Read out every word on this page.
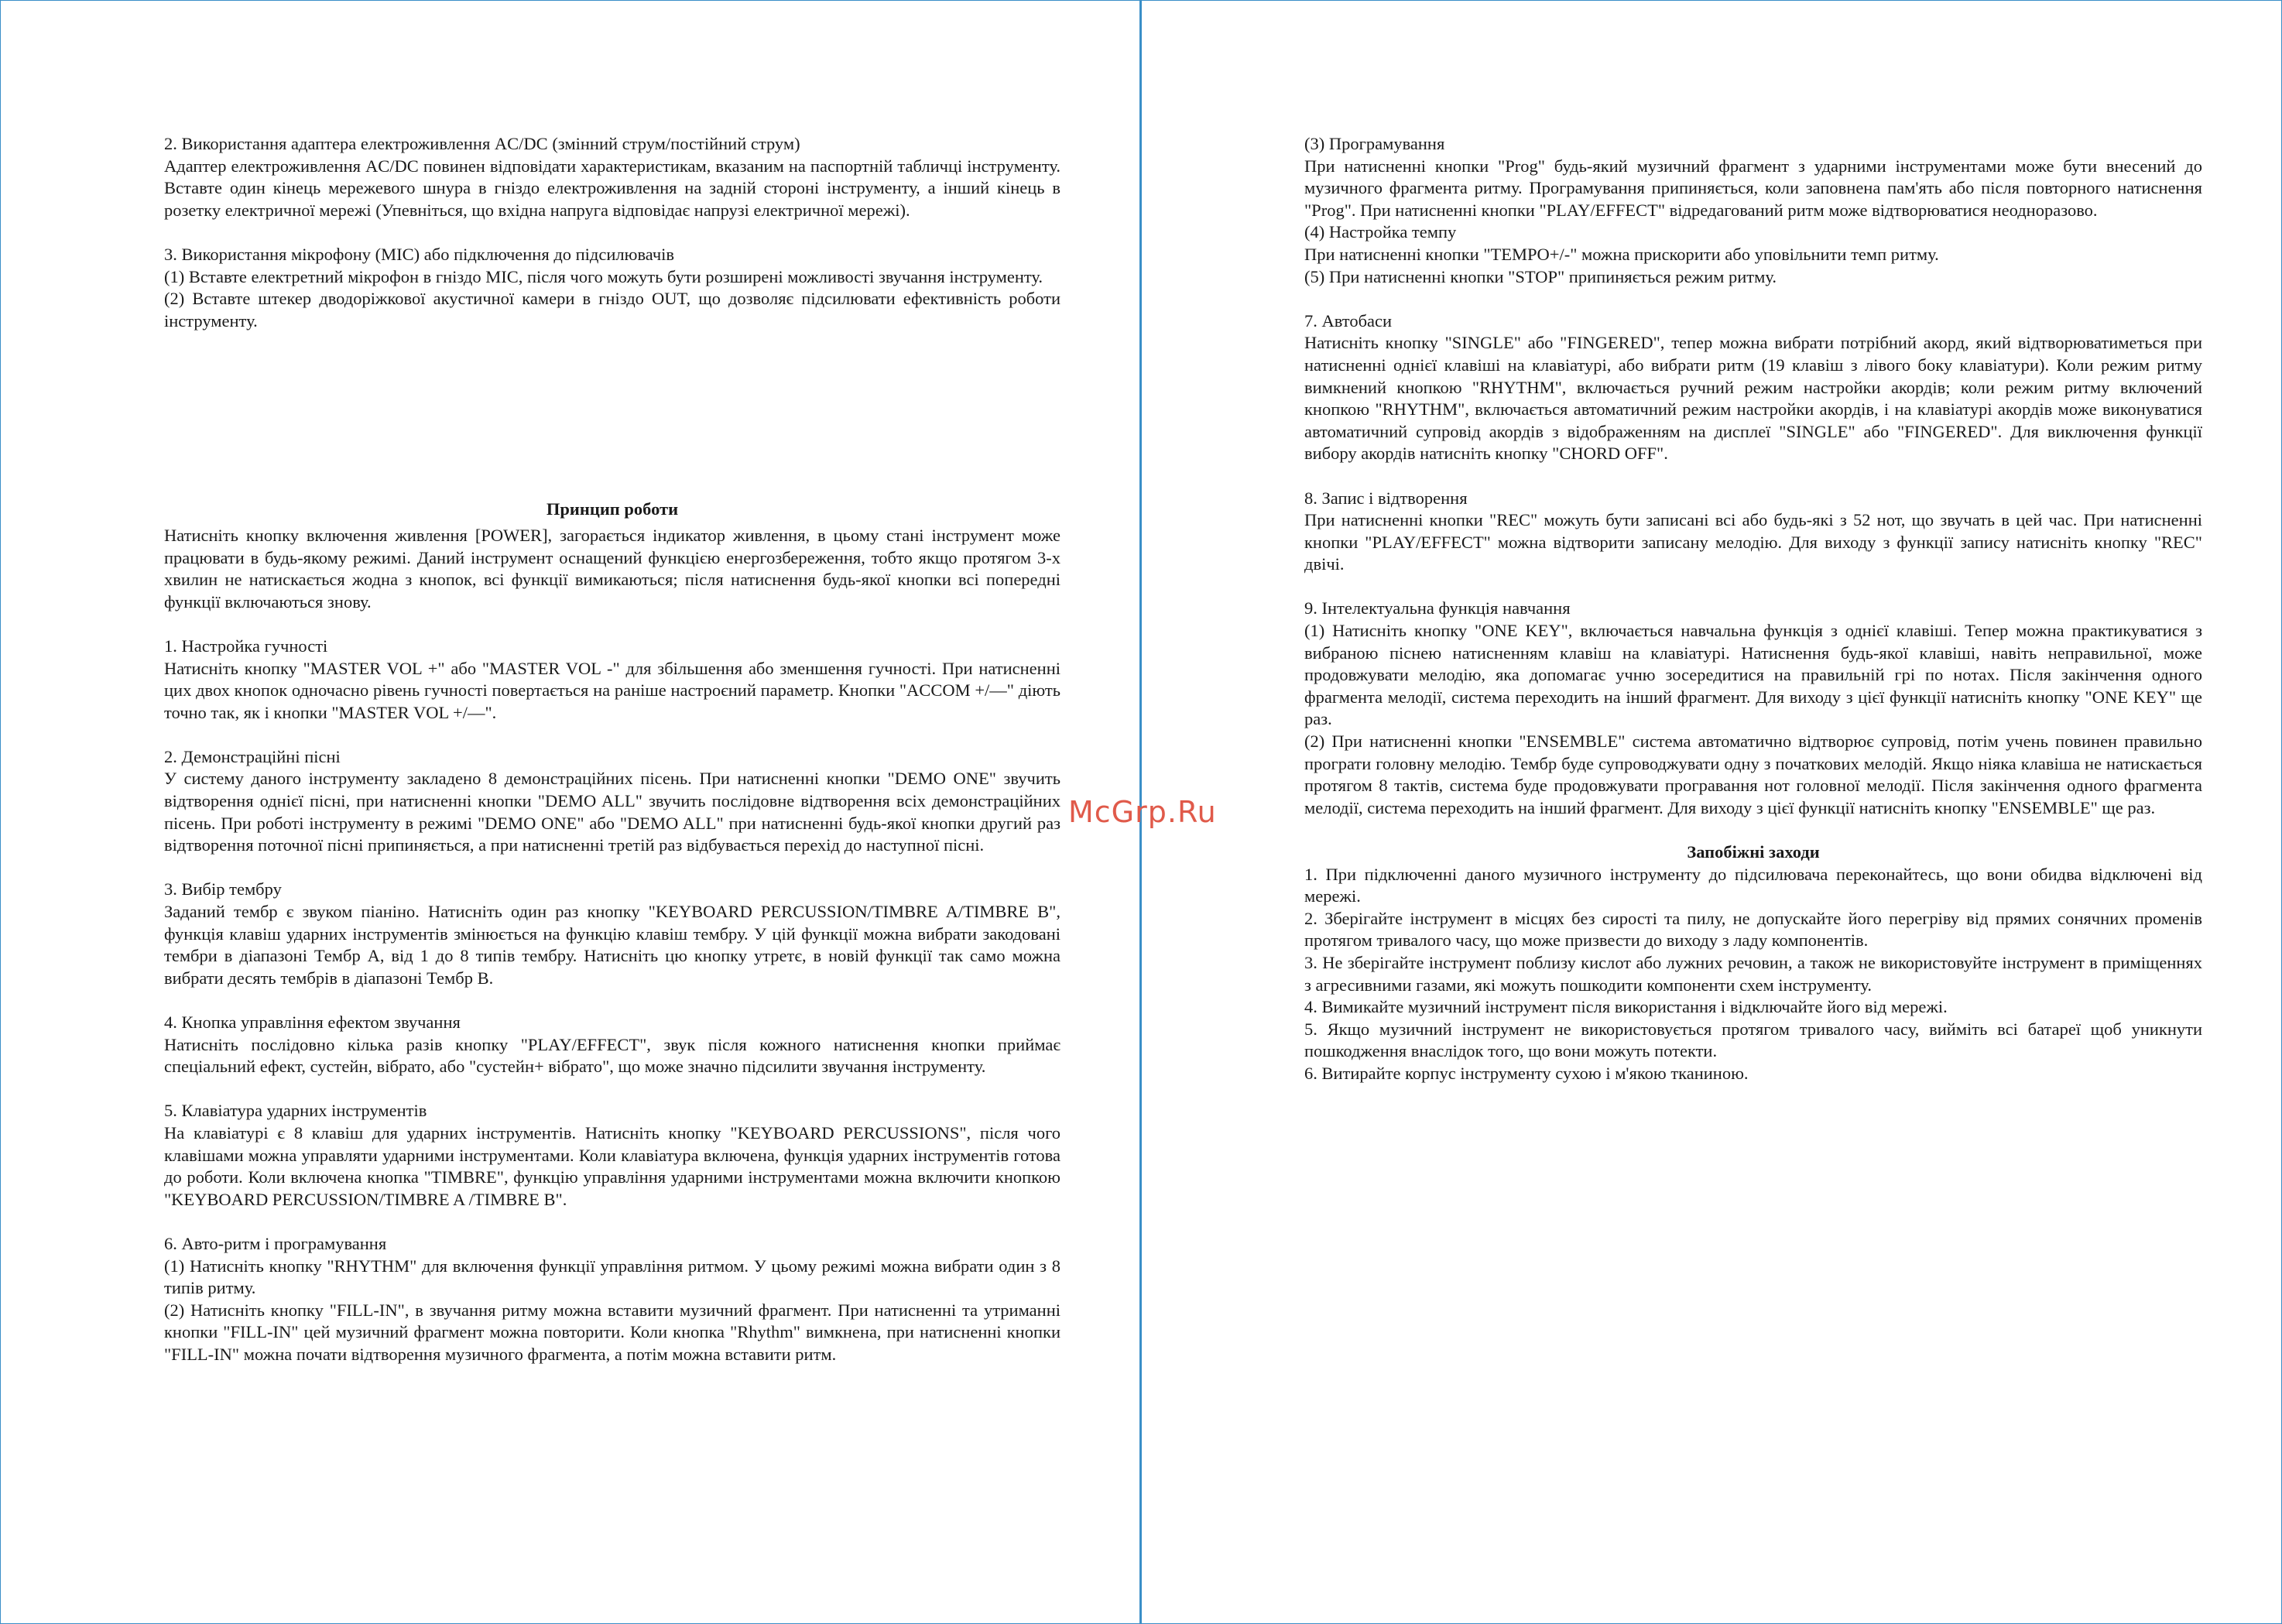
2. Використання адаптера електроживлення AC/DC (змінний струм/постійний струм)

Адаптер електроживлення AC/DC повинен відповідати характеристикам, вказаним на паспортній табличці інструменту. Вставте один кінець мережевого шнура в гніздо електроживлення на задній стороні інструменту, а інший кінець в розетку електричної мережі (Упевніться, що вхідна напруга відповідає напрузі електричної мережі).

3. Використання мікрофону (MIC) або підключення до підсилювачів

(1) Вставте електретний мікрофон в гніздо MIC, після чого можуть бути розширені можливості звучання інструменту.

(2) Вставте штекер дводоріжкової акустичної камери в гніздо OUT, що дозволяє підсилювати ефективність роботи інструменту.

Принцип роботи

Натисніть кнопку включення живлення [POWER], загорається індикатор живлення, в цьому стані інструмент може працювати в будь-якому режимі. Даний інструмент оснащений функцією енергозбереження, тобто якщо протягом 3-х хвилин не натискається жодна з кнопок, всі функції вимикаються; після натиснення будь-якої кнопки всі попередні функції включаються знову.

1. Настройка гучності

Натисніть кнопку "MASTER VOL +" або "MASTER VOL -" для збільшення або зменшення гучності. При натисненні цих двох кнопок одночасно рівень гучності повертається на раніше настроєний параметр. Кнопки "ACCOM +/—" діють точно так, як і кнопки "MASTER VOL +/—".

2. Демонстраційні пісні

У систему даного інструменту закладено 8 демонстраційних пісень. При натисненні кнопки "DEMO ONE" звучить відтворення однієї пісні, при натисненні кнопки "DEMO ALL" звучить послідовне відтворення всіх демонстраційних пісень. При роботі інструменту в режимі "DEMO ONE" або "DEMO ALL" при натисненні будь-якої кнопки другий раз відтворення поточної пісні припиняється, а при натисненні третій раз відбувається перехід до наступної пісні.

3. Вибір тембру

Заданий тембр є звуком піаніно. Натисніть один раз кнопку "KEYBOARD PERCUSSION/TIMBRE A/TIMBRE B", функція клавіш ударних інструментів змінюється на функцію клавіш тембру. У цій функції можна вибрати закодовані тембри в діапазоні Тембр A, від 1 до 8 типів тембру. Натисніть цю кнопку утретє, в новій функції так само можна вибрати десять тембрів в діапазоні Тембр B.

4. Кнопка управління ефектом звучання

Натисніть послідовно кілька разів кнопку "PLAY/EFFECT", звук після кожного натиснення кнопки приймає спеціальний ефект, сустейн, вібрато, або "сустейн+ вібрато", що може значно підсилити звучання інструменту.

5. Клавіатура ударних інструментів

На клавіатурі є 8 клавіш для ударних інструментів. Натисніть кнопку "KEYBOARD PERCUSSIONS", після чого клавішами можна управляти ударними інструментами. Коли клавіатура включена, функція ударних інструментів готова до роботи. Коли включена кнопка "TIMBRE", функцію управління ударними інструментами можна включити кнопкою "KEYBOARD PERCUSSION/TIMBRE A /TIMBRE B".

6. Авто-ритм і програмування

(1) Натисніть кнопку "RHYTHM" для включення функції управління ритмом. У цьому режимі можна вибрати один з 8 типів ритму.

(2) Натисніть кнопку "FILL-IN", в звучання ритму можна вставити музичний фрагмент. При натисненні та утриманні кнопки "FILL-IN" цей музичний фрагмент можна повторити. Коли кнопка "Rhythm" вимкнена, при натисненні кнопки "FILL-IN" можна почати відтворення музичного фрагмента, а потім можна вставити ритм.

(3) Програмування

При натисненні кнопки "Prog" будь-який музичний фрагмент з ударними інструментами може бути внесений до музичного фрагмента ритму. Програмування припиняється, коли заповнена пам'ять або після повторного натиснення "Prog". При натисненні кнопки "PLAY/EFFECT" відредагований ритм може відтворюватися неодноразово.

(4) Настройка темпу

При натисненні кнопки "TEMPO+/-" можна прискорити або уповільнити темп ритму.

(5) При натисненні кнопки "STOP" припиняється режим ритму.

7. Автобаси

Натисніть кнопку "SINGLE" або "FINGERED", тепер можна вибрати потрібний акорд, який відтворюватиметься при натисненні однієї клавіші на клавіатурі, або вибрати ритм (19 клавіш з лівого боку клавіатури). Коли режим ритму вимкнений кнопкою "RHYTHM", включається ручний режим настройки акордів; коли режим ритму включений кнопкою "RHYTHM", включається автоматичний режим настройки акордів, і на клавіатурі акордів може виконуватися автоматичний супровід акордів з відображенням на дисплеї "SINGLE" або "FINGERED". Для виключення функції вибору акордів натисніть кнопку "CHORD OFF".

8. Запис і відтворення

При натисненні кнопки "REC" можуть бути записані всі або будь-які з 52 нот, що звучать в цей час. При натисненні кнопки "PLAY/EFFECT" можна відтворити записану мелодію. Для виходу з функції запису натисніть кнопку "REC" двічі.

9. Інтелектуальна функція навчання

(1) Натисніть кнопку "ONE KEY", включається навчальна функція з однієї клавіші. Тепер можна практикуватися з вибраною піснею натисненням клавіш на клавіатурі. Натиснення будь-якої клавіші, навіть неправильної, може продовжувати мелодію, яка допомагає учню зосередитися на правильній грі по нотах. Після закінчення одного фрагмента мелодії, система переходить на інший фрагмент. Для виходу з цієї функції натисніть кнопку "ONE KEY" ще раз.

(2) При натисненні кнопки "ENSEMBLE" система автоматично відтворює супровід, потім учень повинен правильно програти головну мелодію. Тембр буде супроводжувати одну з початкових мелодій. Якщо ніяка клавіша не натискається протягом 8 тактів, система буде продовжувати програвання нот головної мелодії. Після закінчення одного фрагмента мелодії, система переходить на інший фрагмент. Для виходу з цієї функції натисніть кнопку "ENSEMBLE" ще раз.

Запобіжні заходи

1. При підключенні даного музичного інструменту до підсилювача переконайтесь, що вони обидва відключені від мережі.

2. Зберігайте інструмент в місцях без сирості та пилу, не допускайте його перегріву від прямих сонячних променів протягом тривалого часу, що може призвести до виходу з ладу компонентів.

3. Не зберігайте інструмент поблизу кислот або лужних речовин, а також не використовуйте інструмент в приміщеннях з агресивними газами, які можуть пошкодити компоненти схем інструменту.

4. Вимикайте музичний інструмент після використання і відключайте його від мережі.

5. Якщо музичний інструмент не використовується протягом тривалого часу, вийміть всі батареї щоб уникнути пошкодження внаслідок того, що вони можуть потекти.

6. Витирайте корпус інструменту сухою і м'якою тканиною.

McGrp.Ru
